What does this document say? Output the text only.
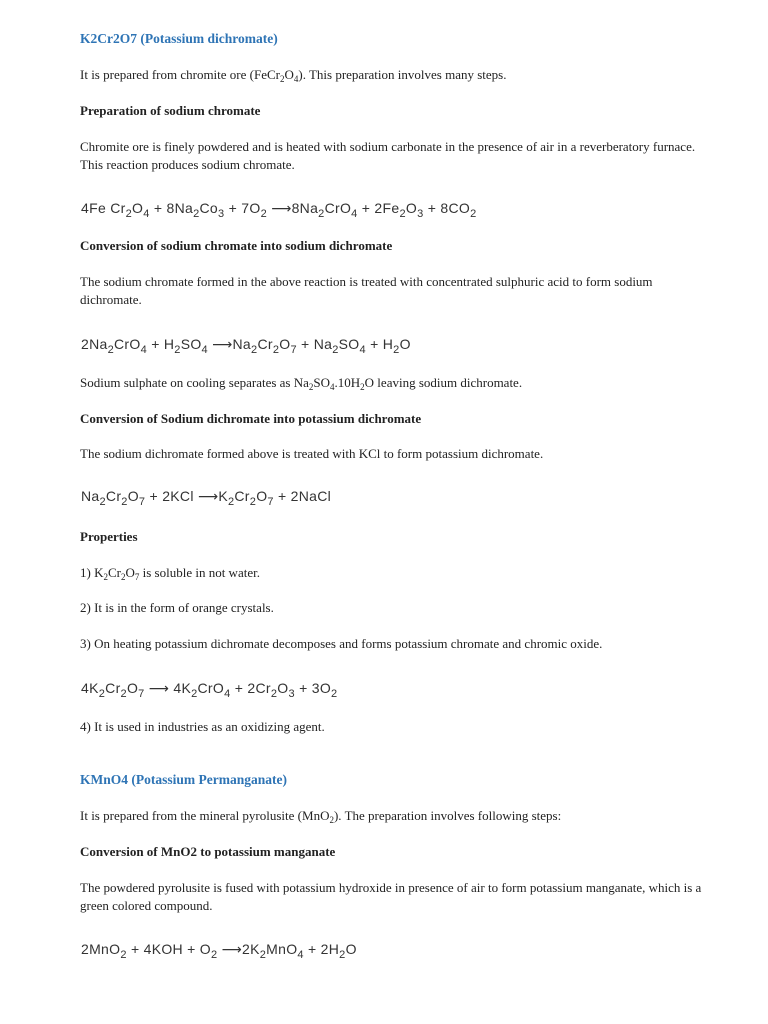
K2Cr2O7 (Potassium dichromate)
It is prepared from chromite ore $(FeCr_2O_4)$. This preparation involves many steps.
Preparation of sodium chromate
Chromite ore is finely powdered and is heated with sodium carbonate in the presence of air in a reverberatory furnace. This reaction produces sodium chromate.
4Fe $Cr_2O_4 + 8Na_2Co_3 + 7O_2$ $⟶8Na_2CrO_4 + 2Fe_2O_3 + 8CO_2$
Conversion of sodium chromate into sodium dichromate
The sodium chromate formed in the above reaction is treated with concentrated sulphuric acid to form sodium dichromate.
$2Na_2CrO_4 + H_2SO_4$ $⟶Na_2Cr_2O_7 + Na_2SO_4 + H_2O$
Sodium sulphate on cooling separates as $Na_2SO_4.10H_2O$ leaving sodium dichromate.
Conversion of Sodium dichromate into potassium dichromate
The sodium dichromate formed above is treated with KCl to form potassium dichromate.
$Na_2Cr_2O_7 + 2KCl$ $⟶K_2Cr_2O_7$ + 2NaCl
Properties
1) $K_2Cr_2O_7$ is soluble in not water.
2) It is in the form of orange crystals.
3) On heating potassium dichromate decomposes and forms potassium chromate and chromic oxide.
$4K_2Cr_2O_7$ ⟶ $4K_2CrO_4 + 2Cr_2O_3 + 3O_2$
4) It is used in industries as an oxidizing agent.
KMnO4 (Potassium Permanganate)
It is prepared from the mineral pyrolusite (MnO$_2$). The preparation involves following steps:
Conversion of MnO2 to potassium manganate
The powdered pyrolusite is fused with potassium hydroxide in presence of air to form potassium manganate, which is a green colored compound.
$2MnO_2 + 4KOH + O_2$ $⟶2K_2MnO_4 + 2H_2O$
